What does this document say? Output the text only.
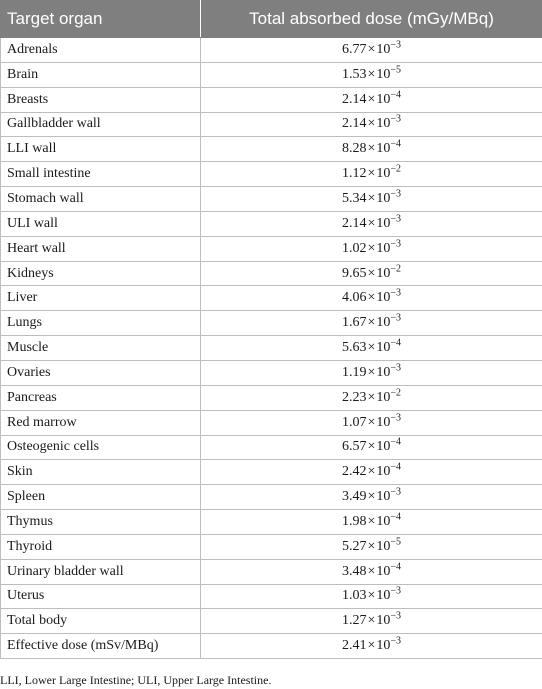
Target organ	Total absorbed dose (mGy/MBq)
Adrenals	$6.77\times 10^{-3}$
Brain	$1.53\times 10^{-5}$
Breasts	$2.14\times 10^{-4}$
Gallbladder wall	$2.14\times 10^{-3}$
LLI wall	$8.28\times 10^{-4}$
Small intestine	$1.12\times 10^{-2}$
Stomach wall	$5.34\times 10^{-3}$
ULI wall	$2.14\times 10^{-3}$
Heart wall	$1.02\times 10^{-3}$
Kidneys	$9.65\times 10^{-2}$
Liver	$4.06\times 10^{-3}$
Lungs	$1.67\times 10^{-3}$
Muscle	$5.63\times 10^{-4}$
Ovaries	$1.19\times 10^{-3}$
Pancreas	$2.23\times 10^{-2}$
Red marrow	$1.07\times 10^{-3}$
Osteogenic cells	$6.57\times 10^{-4}$
Skin	$2.42\times 10^{-4}$
Spleen	$3.49\times 10^{-3}$
Thymus	$1.98\times 10^{-4}$
Thyroid	$5.27\times 10^{-5}$
Urinary bladder wall	$3.48\times 10^{-4}$
Uterus	$1.03\times 10^{-3}$
Total body	$1.27\times 10^{-3}$
Effective dose (mSv/MBq)	$2.41\times 10^{-3}$
LLI, Lower Large Intestine; ULI, Upper Large Intestine.
